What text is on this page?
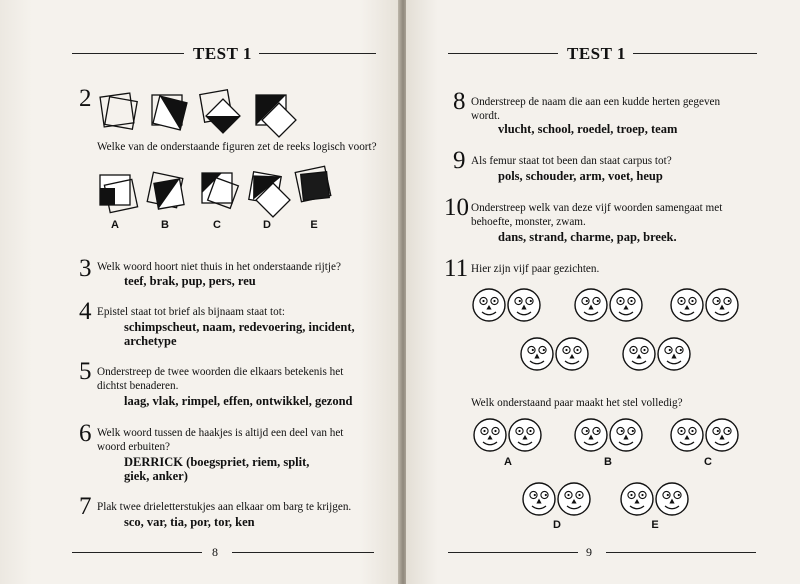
TEST 1
2
Welke van de onderstaande figuren zet de reeks logisch voort?
A	B	C	D	E
3 Welk woord hoort niet thuis in het onderstaande rijtje?
teef, brak, pup, pers, reu
4 Epistel staat tot brief als bijnaam staat tot:
schimpscheut, naam, redevoering, incident,
archetype
5 Onderstreep de twee woorden die elkaars betekenis het
dichtst benaderen.
laag, vlak, rimpel, effen, ontwikkel, gezond
6 Welk woord tussen de haakjes is altijd een deel van het
woord erbuiten?
DERRICK (boegspriet, riem, split,
giek, anker)
7 Plak twee drieletterstukjes aan elkaar om barg te krijgen.
sco, var, tia, por, tor, ken
8
TEST 1
8 Onderstreep de naam die aan een kudde herten gegeven
wordt.
vlucht, school, roedel, troep, team
9 Als femur staat tot been dan staat carpus tot?
pols, schouder, arm, voet, heup
10 Onderstreep welk van deze vijf woorden samengaat met
behoefte, monster, zwam.
dans, strand, charme, pap, breek.
11 Hier zijn vijf paar gezichten.
Welk onderstaand paar maakt het stel volledig?
A	B	C
D	E
9
